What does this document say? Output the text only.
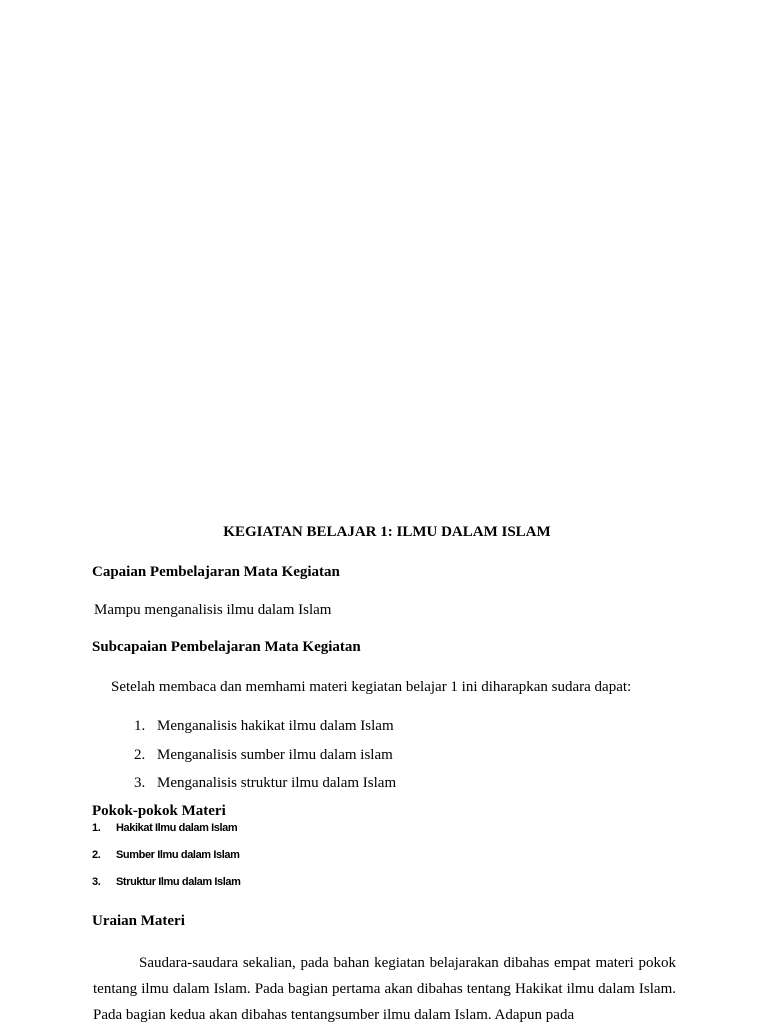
KEGIATAN BELAJAR 1: ILMU DALAM ISLAM
Capaian Pembelajaran Mata Kegiatan
Mampu menganalisis ilmu dalam Islam
Subcapaian Pembelajaran Mata Kegiatan
Setelah membaca dan memhami materi kegiatan belajar 1 ini diharapkan sudara dapat:
1. Menganalisis hakikat ilmu dalam Islam
2. Menganalisis sumber ilmu dalam islam
3. Menganalisis struktur ilmu dalam Islam
Pokok-pokok Materi
1. Hakikat Ilmu dalam Islam
2. Sumber Ilmu dalam Islam
3. Struktur Ilmu dalam Islam
Uraian Materi
Saudara-saudara sekalian, pada bahan kegiatan belajarakan dibahas empat materi pokok tentang ilmu dalam Islam. Pada bagian pertama akan dibahas tentang Hakikat ilmu dalam Islam. Pada bagian kedua akan dibahas tentangsumber ilmu dalam Islam. Adapun pada
